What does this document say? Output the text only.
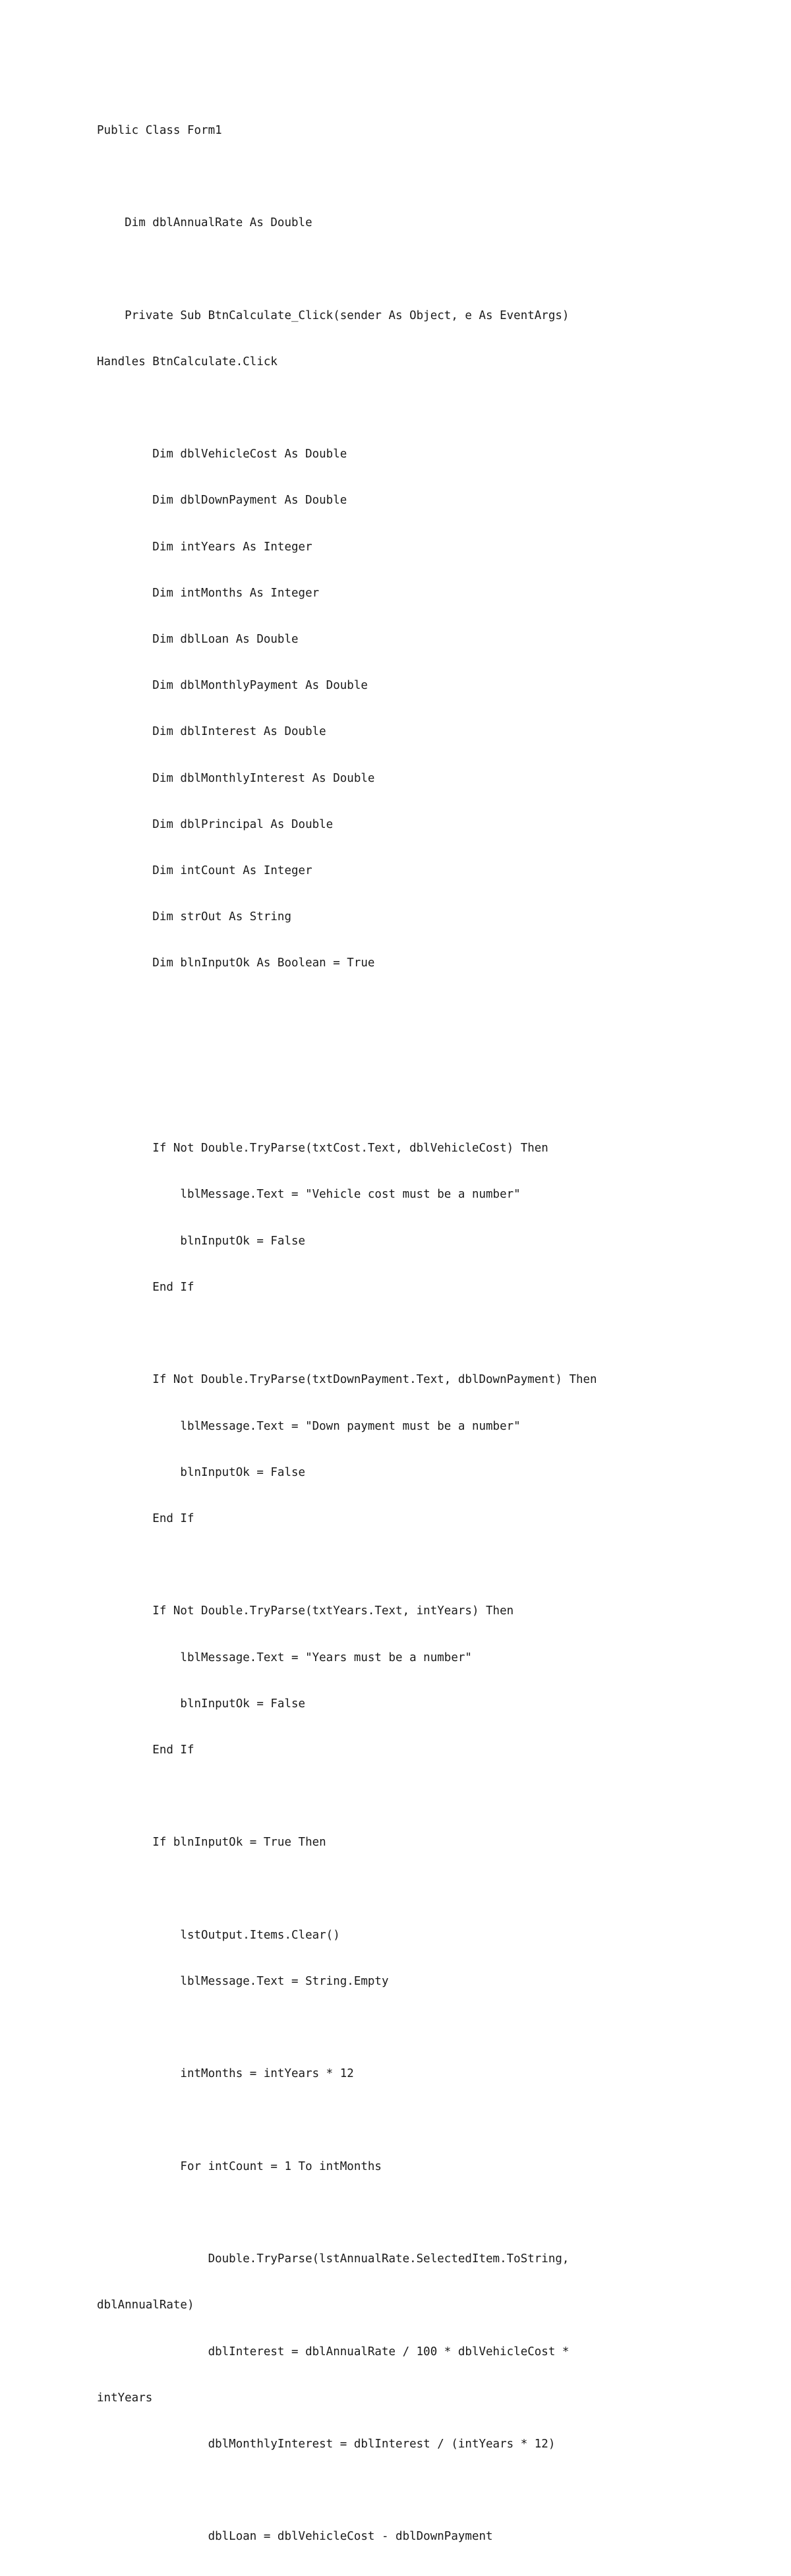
Public Class Form1

Dim dblAnnualRate As Double

Private Sub BtnCalculate_Click(sender As Object, e As EventArgs)

Handles BtnCalculate.Click

Dim dblVehicleCost As Double

Dim dblDownPayment As Double

Dim intYears As Integer

Dim intMonths As Integer

Dim dblLoan As Double

Dim dblMonthlyPayment As Double

Dim dblInterest As Double

Dim dblMonthlyInterest As Double

Dim dblPrincipal As Double

Dim intCount As Integer

Dim strOut As String

Dim blnInputOk As Boolean = True

If Not Double.TryParse(txtCost.Text, dblVehicleCost) Then

lblMessage.Text = "Vehicle cost must be a number"

blnInputOk = False

End If

If Not Double.TryParse(txtDownPayment.Text, dblDownPayment) Then

lblMessage.Text = "Down payment must be a number"

blnInputOk = False

End If

If Not Double.TryParse(txtYears.Text, intYears) Then

lblMessage.Text = "Years must be a number"

blnInputOk = False

End If

If blnInputOk = True Then

lstOutput.Items.Clear()

lblMessage.Text = String.Empty

intMonths = intYears * 12

For intCount = 1 To intMonths

Double.TryParse(lstAnnualRate.SelectedItem.ToString,

dblAnnualRate)

dblInterest = dblAnnualRate / 100 * dblVehicleCost *

intYears

dblMonthlyInterest = dblInterest / (intYears * 12)

dblLoan = dblVehicleCost - dblDownPayment
